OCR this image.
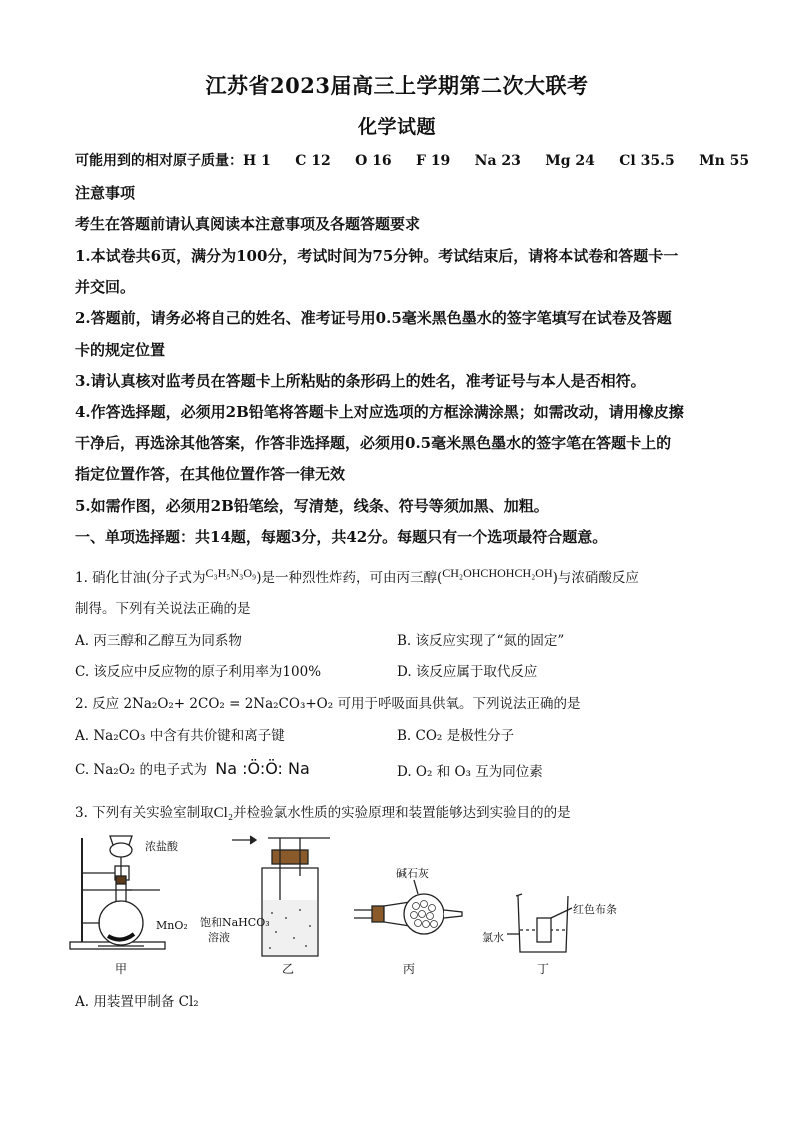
江苏省2023届高三上学期第二次大联考
化学试题
可能用到的相对原子质量：H 1     C 12     O 16     F 19     Na 23     Mg 24     Cl 35.5     Mn 55
注意事项
考生在答题前请认真阅读本注意事项及各题答题要求
1.本试卷共6页，满分为100分，考试时间为75分钟。考试结束后，请将本试卷和答题卡一
并交回。
2.答题前，请务必将自己的姓名、准考证号用0.5毫米黑色墨水的签字笔填写在试卷及答题
卡的规定位置
3.请认真核对监考员在答题卡上所粘贴的条形码上的姓名，准考证号与本人是否相符。
4.作答选择题，必须用2B铅笔将答题卡上对应选项的方框涂满涂黑；如需改动，请用橡皮擦
干净后，再选涂其他答案，作答非选择题，必须用0.5毫米黑色墨水的签字笔在答题卡上的
指定位置作答，在其他位置作答一律无效
5.如需作图，必须用2B铅笔绘，写清楚，线条、符号等须加黑、加粗。
一、单项选择题：共14题，每题3分，共42分。每题只有一个选项最符合题意。
1. 硝化甘油(分子式为C₃H₅N₃O₉)是一种烈性炸药，可由丙三醇(CH₂OHCHOHCH₂OH)与浓硝酸反应
制得。下列有关说法正确的是
A. 丙三醇和乙醇互为同系物	B. 该反应实现了“氮的固定”
C. 该反应中反应物的原子利用率为100%	D. 该反应属于取代反应
2. 反应 2Na₂O₂+ 2CO₂ = 2Na₂CO₃+O₂ 可用于呼吸面具供氧。下列说法正确的是
A. Na₂CO₃ 中含有共价键和离子键	B. CO₂ 是极性分子
C. Na₂O₂ 的电子式为 Na :Ö:Ö: Na	D. O₂ 和 O₃ 互为同位素
3. 下列有关实验室制取Cl₂并检验氯水性质的实验原理和装置能够达到实验目的的是
浓盐酸
MnO₂ 饱和NaHCO₃
溶液
碱石灰
红色布条
氯水
甲	乙	丙	丁
A. 用装置甲制备 Cl₂
